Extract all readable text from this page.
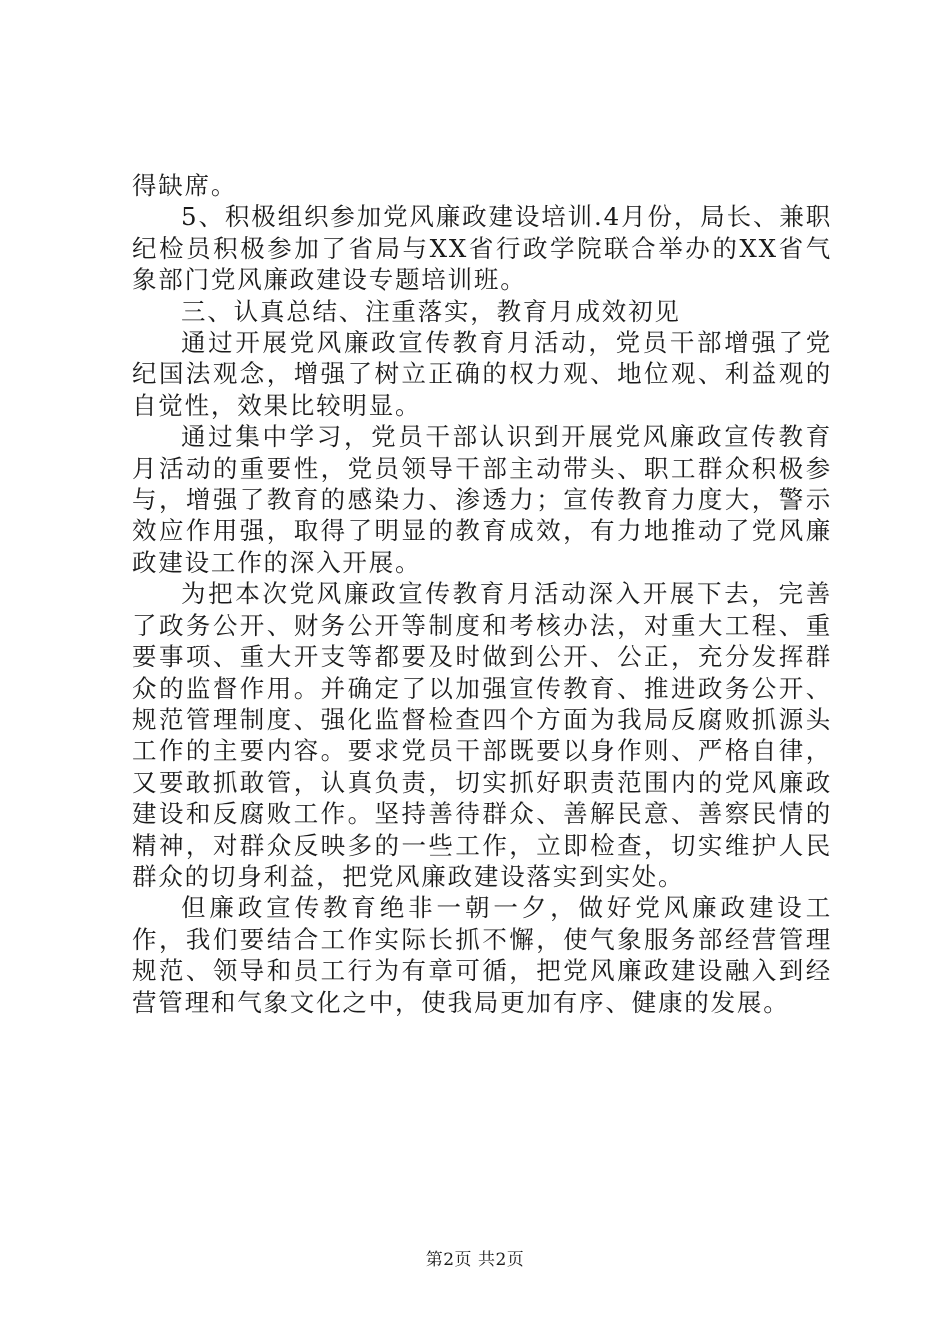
得缺席。

5、积极组织参加党风廉政建设培训.4月份，局长、兼职纪检员积极参加了省局与XX省行政学院联合举办的XX省气象部门党风廉政建设专题培训班。

三、认真总结、注重落实，教育月成效初见

通过开展党风廉政宣传教育月活动，党员干部增强了党纪国法观念，增强了树立正确的权力观、地位观、利益观的自觉性，效果比较明显。

通过集中学习，党员干部认识到开展党风廉政宣传教育月活动的重要性，党员领导干部主动带头、职工群众积极参与，增强了教育的感染力、渗透力；宣传教育力度大，警示效应作用强，取得了明显的教育成效，有力地推动了党风廉政建设工作的深入开展。

为把本次党风廉政宣传教育月活动深入开展下去，完善了政务公开、财务公开等制度和考核办法，对重大工程、重要事项、重大开支等都要及时做到公开、公正，充分发挥群众的监督作用。并确定了以加强宣传教育、推进政务公开、规范管理制度、强化监督检查四个方面为我局反腐败抓源头工作的主要内容。要求党员干部既要以身作则、严格自律，又要敢抓敢管，认真负责，切实抓好职责范围内的党风廉政建设和反腐败工作。坚持善待群众、善解民意、善察民情的精神，对群众反映多的一些工作，立即检查，切实维护人民群众的切身利益，把党风廉政建设落实到实处。

但廉政宣传教育绝非一朝一夕，做好党风廉政建设工作，我们要结合工作实际长抓不懈，使气象服务部经营管理规范、领导和员工行为有章可循，把党风廉政建设融入到经营管理和气象文化之中，使我局更加有序、健康的发展。

第2页 共2页
